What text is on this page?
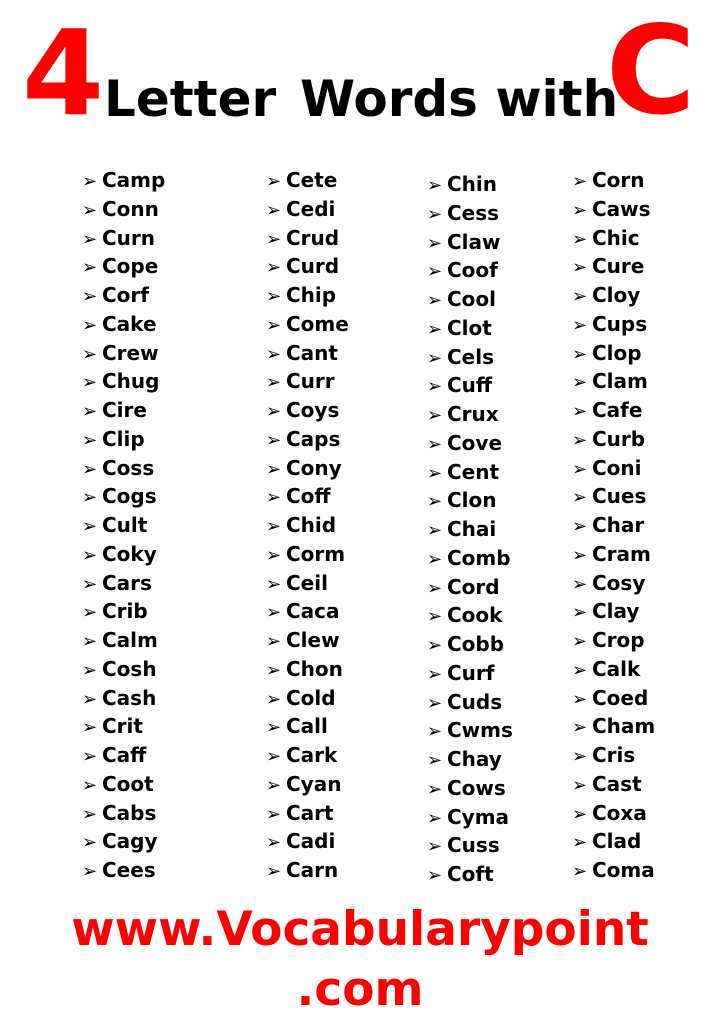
4 Letter Words with
C
➢ Camp
➢ Conn
➢ Curn
➢ Cope
➢ Corf
➢ Cake
➢ Crew
➢ Chug
➢ Cire
➢ Clip
➢ Coss
➢ Cogs
➢ Cult
➢ Coky
➢ Cars
➢ Crib
➢ Calm
➢ Cosh
➢ Cash
➢ Crit
➢ Caff
➢ Coot
➢ Cabs
➢ Cagy
➢ Cees
➢ Cete
➢ Cedi
➢ Crud
➢ Curd
➢ Chip
➢ Come
➢ Cant
➢ Curr
➢ Coys
➢ Caps
➢ Cony
➢ Coff
➢ Chid
➢ Corm
➢ Ceil
➢ Caca
➢ Clew
➢ Chon
➢ Cold
➢ Call
➢ Cark
➢ Cyan
➢ Cart
➢ Cadi
➢ Carn
➢ Chin
➢ Cess
➢ Claw
➢ Coof
➢ Cool
➢ Clot
➢ Cels
➢ Cuff
➢ Crux
➢ Cove
➢ Cent
➢ Clon
➢ Chai
➢ Comb
➢ Cord
➢ Cook
➢ Cobb
➢ Curf
➢ Cuds
➢ Cwms
➢ Chay
➢ Cows
➢ Cyma
➢ Cuss
➢ Coft
➢ Corn
➢ Caws
➢ Chic
➢ Cure
➢ Cloy
➢ Cups
➢ Clop
➢ Clam
➢ Cafe
➢ Curb
➢ Coni
➢ Cues
➢ Char
➢ Cram
➢ Cosy
➢ Clay
➢ Crop
➢ Calk
➢ Coed
➢ Cham
➢ Cris
➢ Cast
➢ Coxa
➢ Clad
➢ Coma
www.Vocabularypoint .com
